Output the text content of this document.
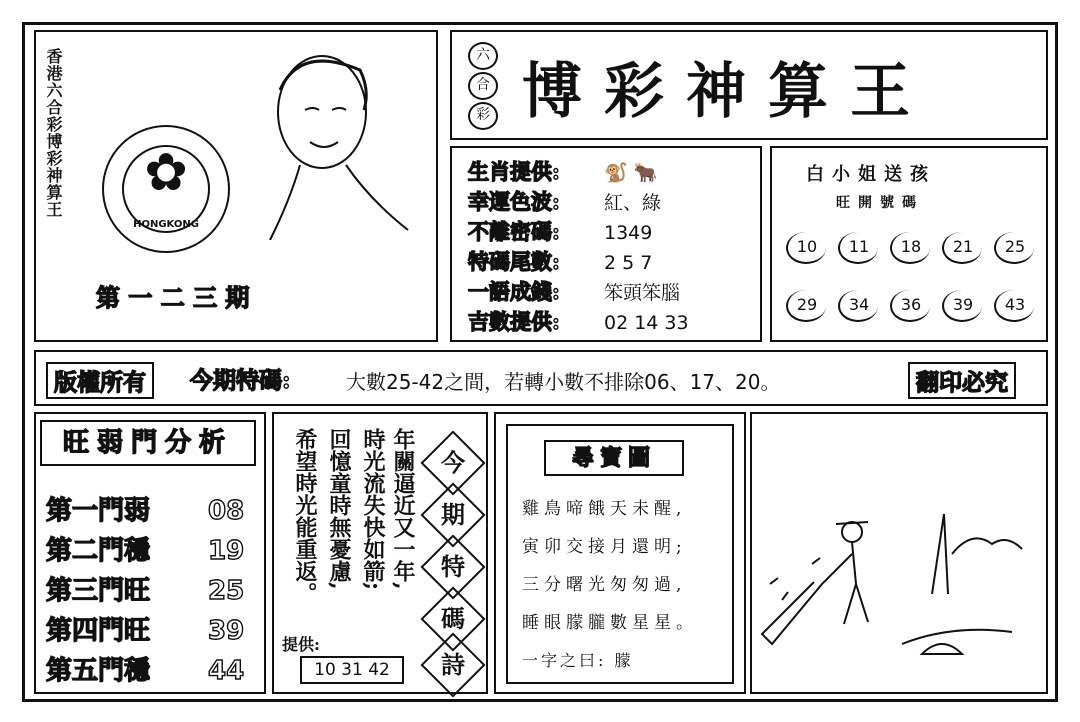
香港六合彩博彩神算王	✿
HONGKONG
第 一 二 三 期
六
合
彩 博彩神算王
生肖提供: 🐒 🐂
幸運色波: 紅、綠
不離密碼: 1349
特碼尾數: 2 5 7
一語成錢: 笨頭笨腦
吉數提供: 02 14 33
白小姐送孩
旺開號碼
10	11	18	21	25
29	34	36	39	43
版權所有	今期特碼:	大數25-42之間，若轉小數不排除06、17、20。	翻印必究
旺弱門分析
第一門弱 08
第二門穩 19
第三門旺 25
第四門旺 39
第五門穩 44
年關逼近又一年,
時光流失快如箭;
回憶童時無憂慮,
希望時光能重返。
提供:
10 31 42
今
期
特
碼
詩
尋寶圖
雞鳥啼餓天未醒,
寅卯交接月還明;
三分曙光匆匆過,
睡眼朦朧數星星。
一字之曰: 朦
